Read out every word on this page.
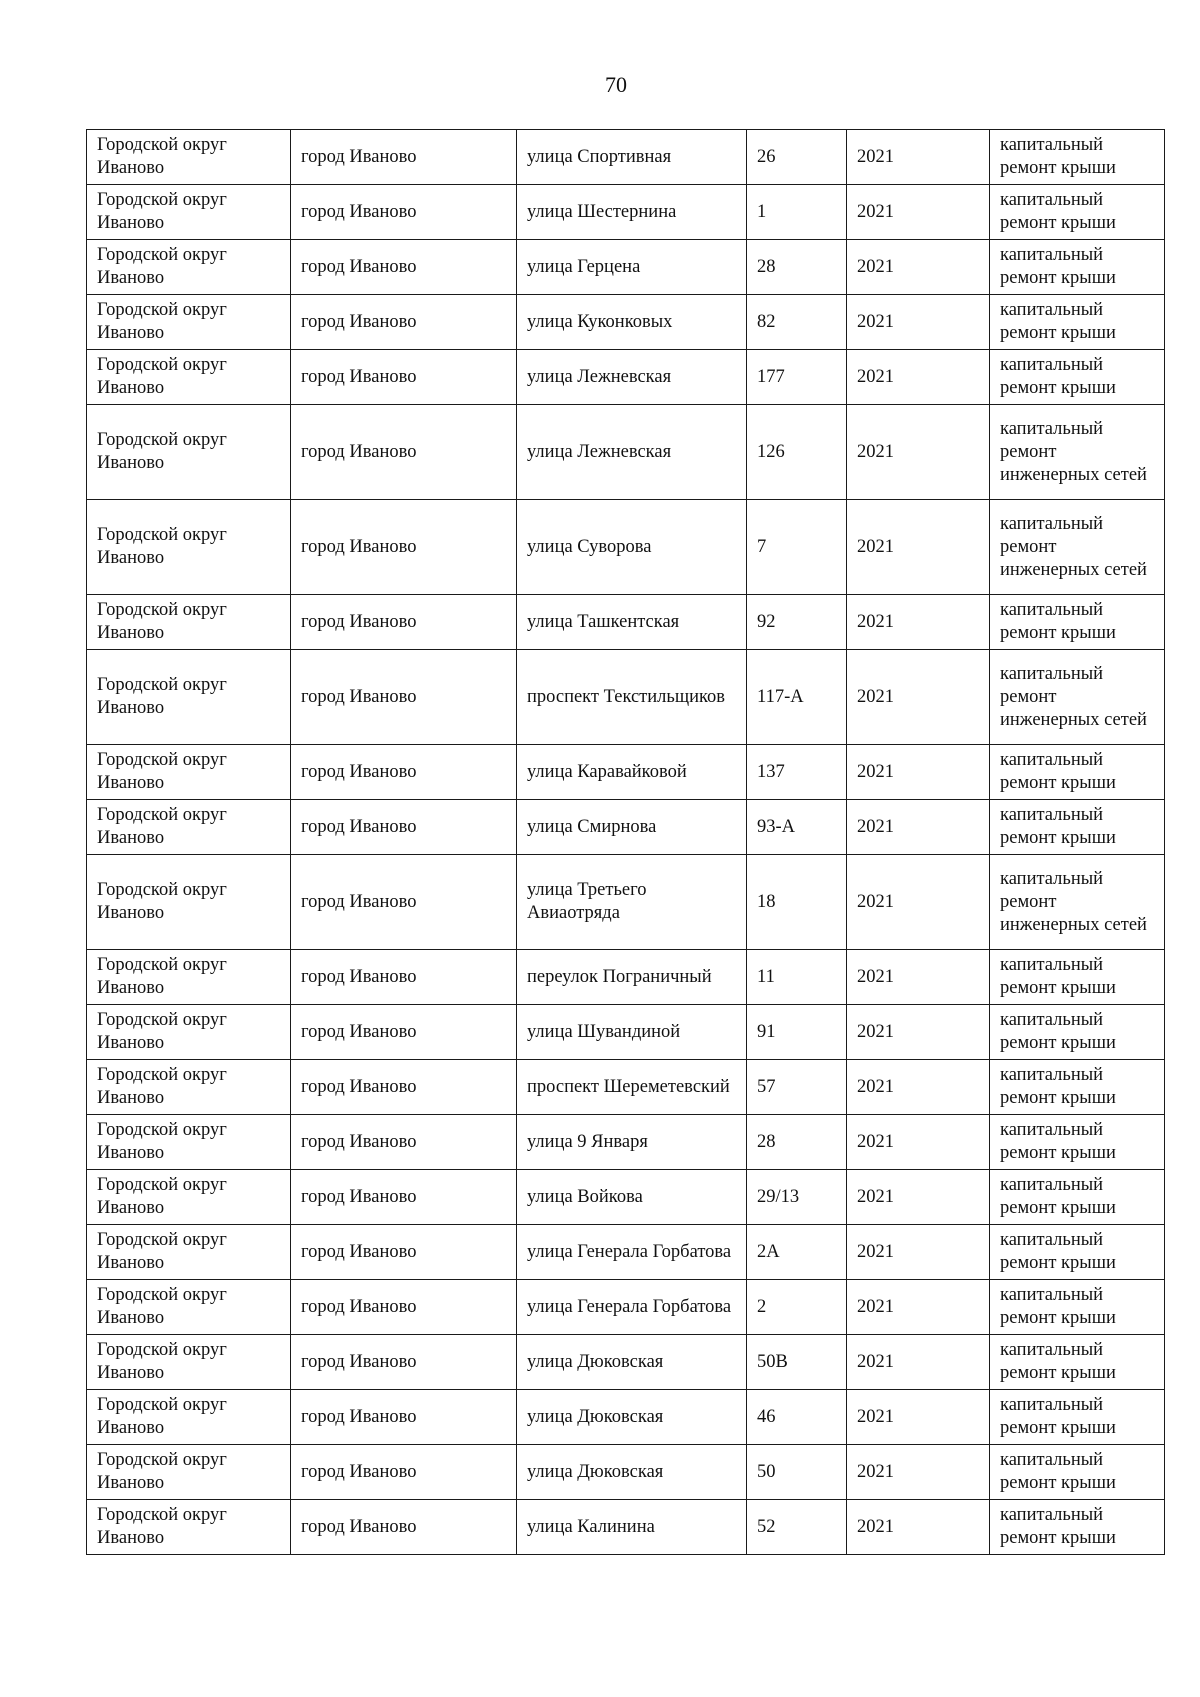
70
Городской округ Иваново	город Иваново	улица Спортивная	26	2021	капитальный ремонт крыши
Городской округ Иваново	город Иваново	улица Шестернина	1	2021	капитальный ремонт крыши
Городской округ Иваново	город Иваново	улица Герцена	28	2021	капитальный ремонт крыши
Городской округ Иваново	город Иваново	улица Куконковых	82	2021	капитальный ремонт крыши
Городской округ Иваново	город Иваново	улица Лежневская	177	2021	капитальный ремонт крыши
Городской округ Иваново	город Иваново	улица Лежневская	126	2021	капитальный ремонт инженерных сетей
Городской округ Иваново	город Иваново	улица Суворова	7	2021	капитальный ремонт инженерных сетей
Городской округ Иваново	город Иваново	улица Ташкентская	92	2021	капитальный ремонт крыши
Городской округ Иваново	город Иваново	проспект Текстильщиков	117-А	2021	капитальный ремонт инженерных сетей
Городской округ Иваново	город Иваново	улица Каравайковой	137	2021	капитальный ремонт крыши
Городской округ Иваново	город Иваново	улица Смирнова	93-А	2021	капитальный ремонт крыши
Городской округ Иваново	город Иваново	улица Третьего Авиаотряда	18	2021	капитальный ремонт инженерных сетей
Городской округ Иваново	город Иваново	переулок Пограничный	11	2021	капитальный ремонт крыши
Городской округ Иваново	город Иваново	улица Шувандиной	91	2021	капитальный ремонт крыши
Городской округ Иваново	город Иваново	проспект Шереметевский	57	2021	капитальный ремонт крыши
Городской округ Иваново	город Иваново	улица 9 Января	28	2021	капитальный ремонт крыши
Городской округ Иваново	город Иваново	улица Войкова	29/13	2021	капитальный ремонт крыши
Городской округ Иваново	город Иваново	улица Генерала Горбатова	2А	2021	капитальный ремонт крыши
Городской округ Иваново	город Иваново	улица Генерала Горбатова	2	2021	капитальный ремонт крыши
Городской округ Иваново	город Иваново	улица Дюковская	50В	2021	капитальный ремонт крыши
Городской округ Иваново	город Иваново	улица Дюковская	46	2021	капитальный ремонт крыши
Городской округ Иваново	город Иваново	улица Дюковская	50	2021	капитальный ремонт крыши
Городской округ Иваново	город Иваново	улица Калинина	52	2021	капитальный ремонт крыши
